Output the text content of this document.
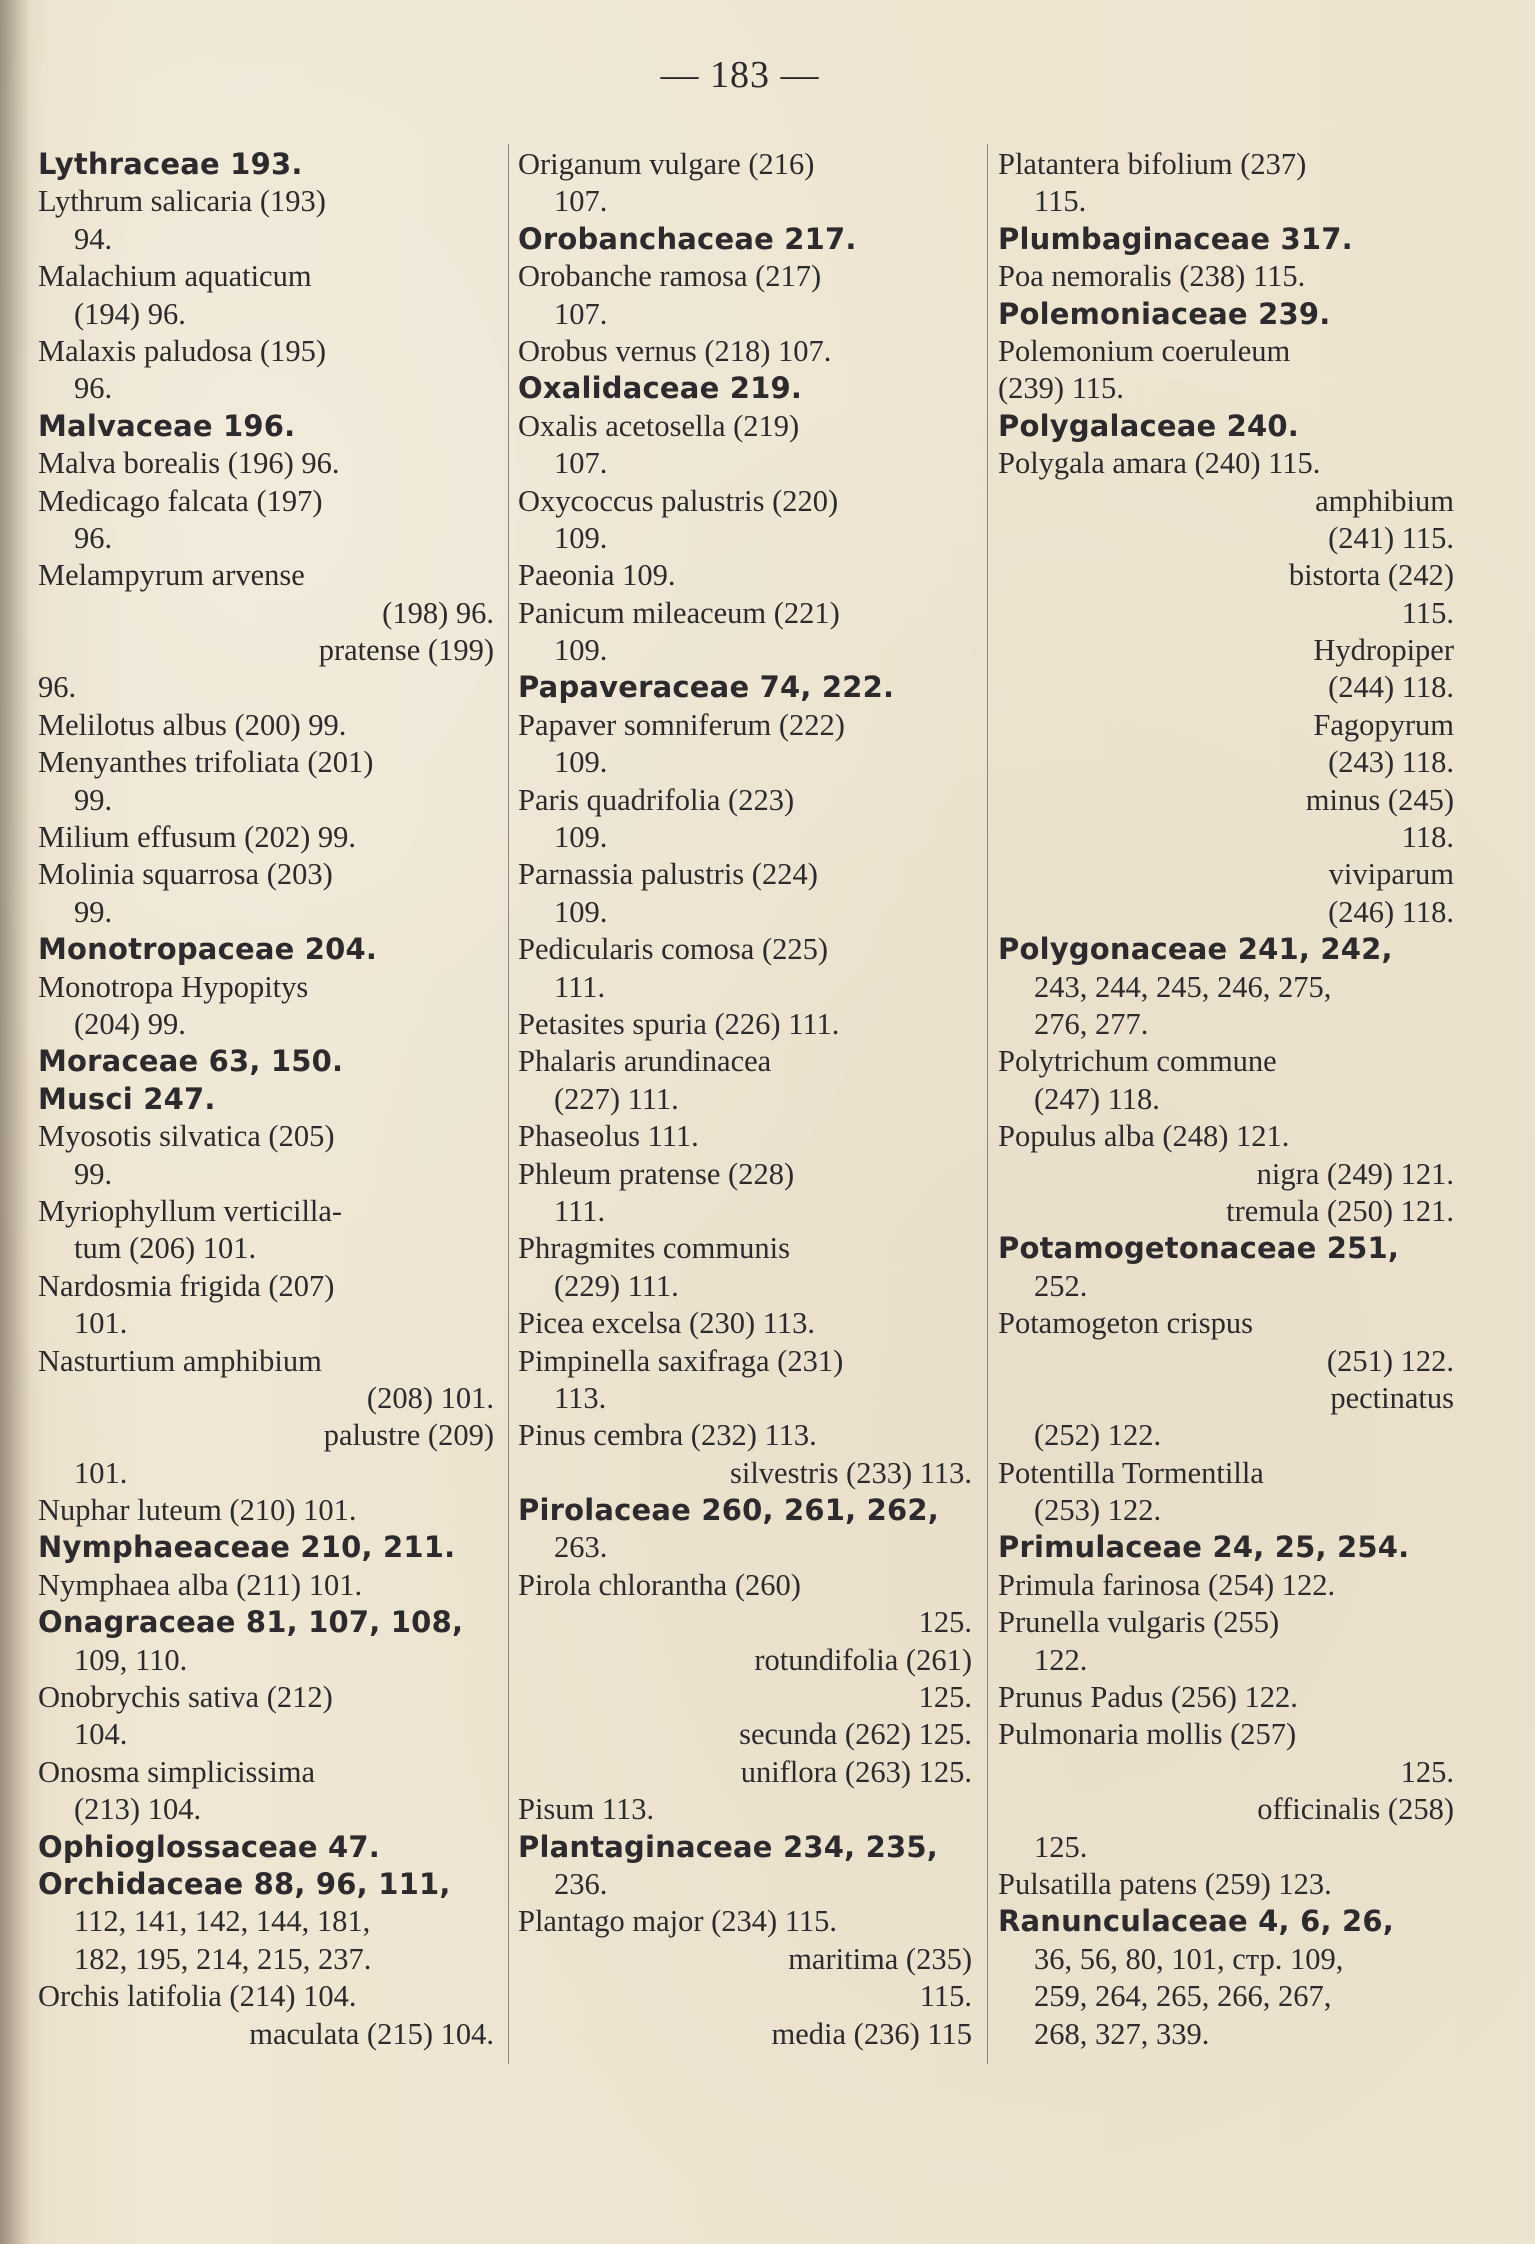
— 183 —
Lythraceae 193.
Lythrum salicaria (193)
94.
Malachium aquaticum
(194) 96.
Malaxis paludosa (195)
96.
Malvaceae 196.
Malva borealis (196) 96.
Medicago falcata (197)
96.
Melampyrum arvense
(198) 96.
pratense (199)
96.
Melilotus albus (200) 99.
Menyanthes trifoliata (201)
99.
Milium effusum (202) 99.
Molinia squarrosa (203)
99.
Monotropaceae 204.
Monotropa Hypopitys
(204) 99.
Moraceae 63, 150.
Musci 247.
Myosotis silvatica (205)
99.
Myriophyllum verticilla-
tum (206) 101.
Nardosmia frigida (207)
101.
Nasturtium amphibium
(208) 101.
palustre (209)
101.
Nuphar luteum (210) 101.
Nymphaeaceae 210, 211.
Nymphaea alba (211) 101.
Onagraceae 81, 107, 108,
109, 110.
Onobrychis sativa (212)
104.
Onosma simplicissima
(213) 104.
Ophioglossaceae 47.
Orchidaceae 88, 96, 111,
112, 141, 142, 144, 181,
182, 195, 214, 215, 237.
Orchis latifolia (214) 104.
maculata (215) 104.
Origanum vulgare (216)
107.
Orobanchaceae 217.
Orobanche ramosa (217)
107.
Orobus vernus (218) 107.
Oxalidaceae 219.
Oxalis acetosella (219)
107.
Oxycoccus palustris (220)
109.
Paeonia 109.
Panicum mileaceum (221)
109.
Papaveraceae 74, 222.
Papaver somniferum (222)
109.
Paris quadrifolia (223)
109.
Parnassia palustris (224)
109.
Pedicularis comosa (225)
111.
Petasites spuria (226) 111.
Phalaris arundinacea
(227) 111.
Phaseolus 111.
Phleum pratense (228)
111.
Phragmites communis
(229) 111.
Picea excelsa (230) 113.
Pimpinella saxifraga (231)
113.
Pinus cembra (232) 113.
silvestris (233) 113.
Pirolaceae 260, 261, 262,
263.
Pirola chlorantha (260)
125.
rotundifolia (261)
125.
secunda (262) 125.
uniflora (263) 125.
Pisum 113.
Plantaginaceae 234, 235,
236.
Plantago major (234) 115.
maritima (235)
115.
media (236) 115
Platantera bifolium (237)
115.
Plumbaginaceae 317.
Poa nemoralis (238) 115.
Polemoniaceae 239.
Polemonium coeruleum
(239) 115.
Polygalaceae 240.
Polygala amara (240) 115.
amphibium
(241) 115.
bistorta (242)
115.
Hydropiper
(244) 118.
Fagopyrum
(243) 118.
minus (245)
118.
viviparum
(246) 118.
Polygonaceae 241, 242,
243, 244, 245, 246, 275,
276, 277.
Polytrichum commune
(247) 118.
Populus alba (248) 121.
nigra (249) 121.
tremula (250) 121.
Potamogetonaceae 251,
252.
Potamogeton crispus
(251) 122.
pectinatus
(252) 122.
Potentilla Tormentilla
(253) 122.
Primulaceae 24, 25, 254.
Primula farinosa (254) 122.
Prunella vulgaris (255)
122.
Prunus Padus (256) 122.
Pulmonaria mollis (257)
125.
officinalis (258)
125.
Pulsatilla patens (259) 123.
Ranunculaceae 4, 6, 26,
36, 56, 80, 101, стр. 109,
259, 264, 265, 266, 267,
268, 327, 339.
